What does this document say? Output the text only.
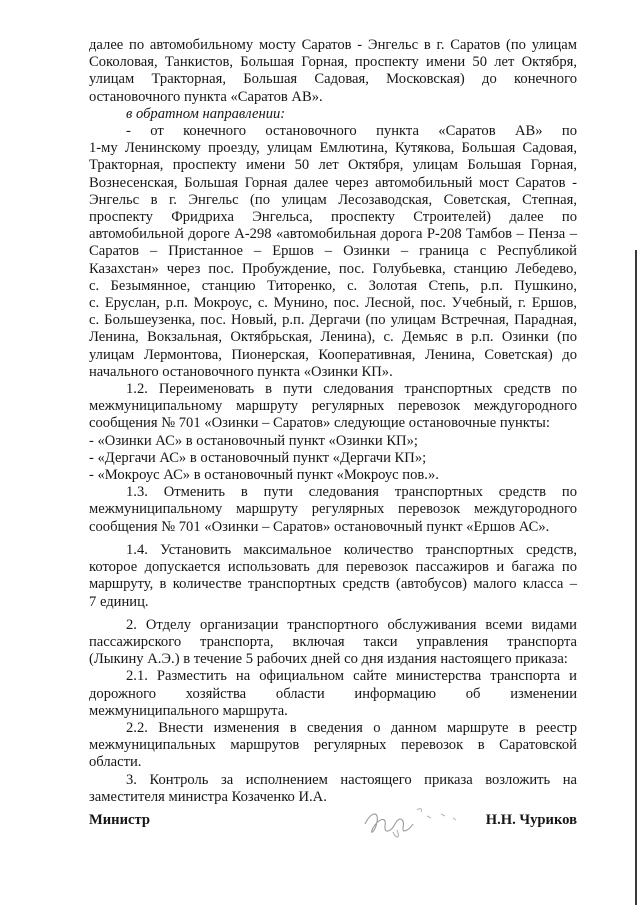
далее по автомобильному мосту Саратов - Энгельс в г. Саратов (по улицам
Соколовая, Танкистов, Большая Горная, проспекту имени 50 лет Октября,
улицам Тракторная, Большая Садовая, Московская) до конечного
остановочного пункта «Саратов АВ».
в обратном направлении:
- от конечного остановочного пункта «Саратов АВ» по
1-му Ленинскому проезду, улицам Емлютина, Кутякова, Большая Садовая,
Тракторная, проспекту имени 50 лет Октября, улицам Большая Горная,
Вознесенская, Большая Горная далее через автомобильный мост Саратов -
Энгельс в г. Энгельс (по улицам Лесозаводская, Советская, Степная,
проспекту Фридриха Энгельса, проспекту Строителей) далее по
автомобильной дороге А-298 «автомобильная дорога Р-208 Тамбов – Пенза –
Саратов – Пристанное – Ершов – Озинки – граница с Республикой
Казахстан» через пос. Пробуждение, пос. Голубьевка, станцию Лебедево,
с. Безымянное, станцию Титоренко, с. Золотая Степь, р.п. Пушкино,
с. Еруслан, р.п. Мокроус, с. Мунино, пос. Лесной, пос. Учебный, г. Ершов,
с. Большеузенка, пос. Новый, р.п. Дергачи (по улицам Встречная, Парадная,
Ленина, Вокзальная, Октябрьская, Ленина), с. Демьяс в р.п. Озинки (по
улицам Лермонтова, Пионерская, Кооперативная, Ленина, Советская) до
начального остановочного пункта «Озинки КП».
1.2. Переименовать в пути следования транспортных средств по
межмуниципальному маршруту регулярных перевозок междугородного
сообщения № 701 «Озинки – Саратов» следующие остановочные пункты:
- «Озинки АС» в остановочный пункт «Озинки КП»;
- «Дергачи АС» в остановочный пункт «Дергачи КП»;
- «Мокроус АС» в остановочный пункт «Мокроус пов.».
1.3. Отменить в пути следования транспортных средств по
межмуниципальному маршруту регулярных перевозок междугородного
сообщения № 701 «Озинки – Саратов» остановочный пункт «Ершов АС».
1.4. Установить максимальное количество транспортных средств,
которое допускается использовать для перевозок пассажиров и багажа по
маршруту, в количестве транспортных средств (автобусов) малого класса –
7 единиц.
2. Отделу организации транспортного обслуживания всеми видами
пассажирского транспорта, включая такси управления транспорта
(Лыкину А.Э.) в течение 5 рабочих дней со дня издания настоящего приказа:
2.1. Разместить на официальном сайте министерства транспорта и
дорожного хозяйства области информацию об изменении
межмуниципального маршрута.
2.2. Внести изменения в сведения о данном маршруте в реестр
межмуниципальных маршрутов регулярных перевозок в Саратовской
области.
3. Контроль за исполнением настоящего приказа возложить на
заместителя министра Козаченко И.А.
Министр	Н.Н. Чуриков
